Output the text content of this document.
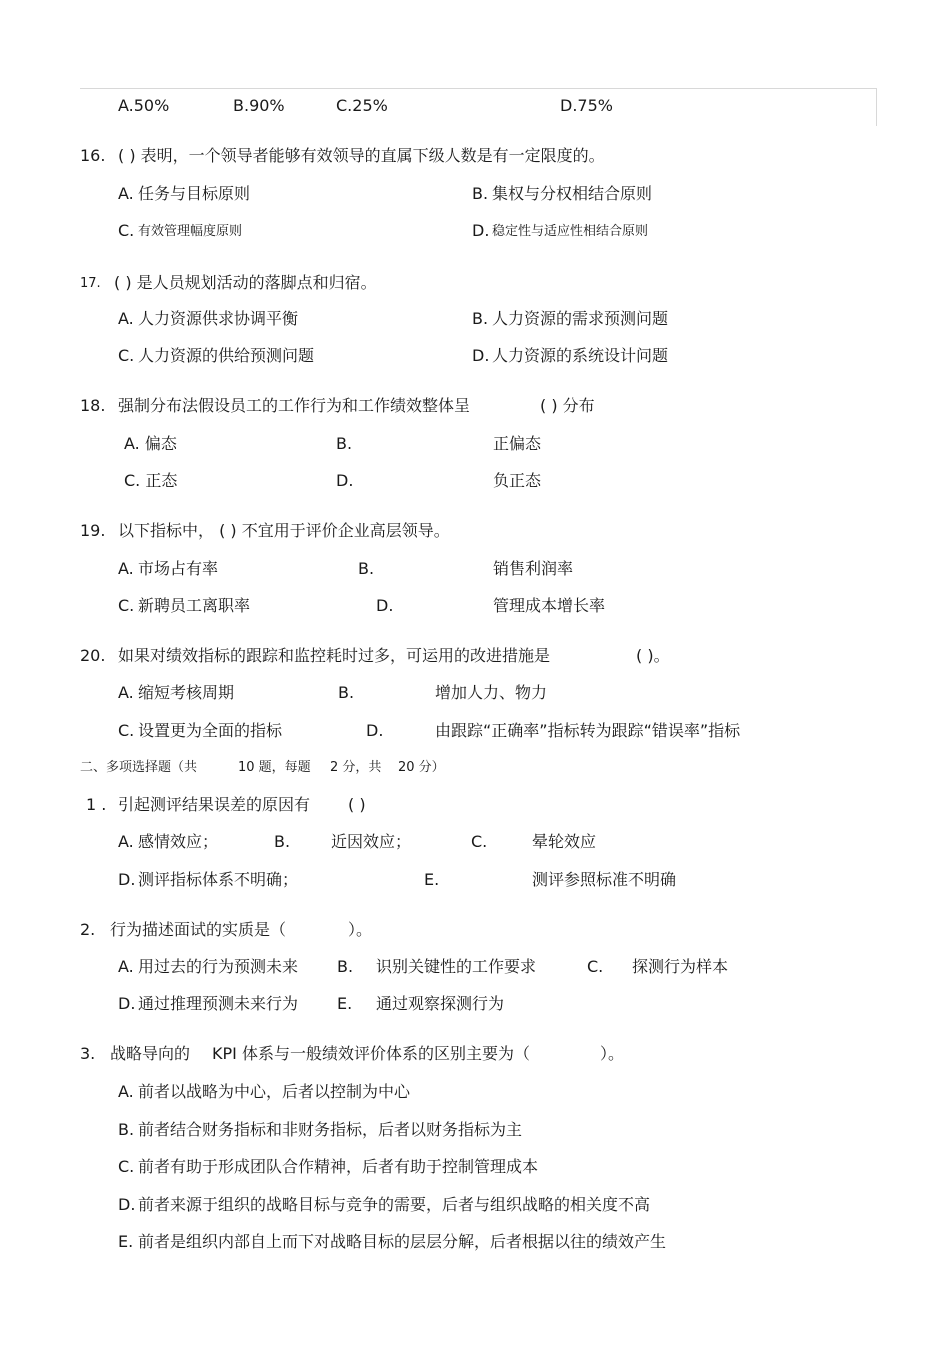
A.50%	B.90%	C.25%	D.75%
16. ( ) 表明，一个领导者能够有效领导的直属下级人数是有一定限度的。
A. 任务与目标原则	B. 集权与分权相结合原则
C. 有效管理幅度原则	D. 稳定性与适应性相结合原则
17. ( ) 是人员规划活动的落脚点和归宿。
A. 人力资源供求协调平衡	B. 人力资源的需求预测问题
C. 人力资源的供给预测问题	D. 人力资源的系统设计问题
18. 强制分布法假设员工的工作行为和工作绩效整体呈	( ) 分布
A. 偏态	B.	正偏态
C. 正态	D.	负正态
19. 以下指标中， ( ) 不宜用于评价企业高层领导。
A. 市场占有率	B.	销售利润率
C. 新聘员工离职率	D.	管理成本增长率
20. 如果对绩效指标的跟踪和监控耗时过多，可运用的改进措施是	( )。
A. 缩短考核周期	B.	增加人力、物力
C. 设置更为全面的指标	D.	由跟踪“正确率”指标转为跟踪“错误率”指标
二、多项选择题（共	10 题，每题 2 分，共 20 分）
1 . 引起测评结果误差的原因有 ( )
A. 感情效应；	B.	近因效应；	C.	晕轮效应
D. 测评指标体系不明确；	E.	测评参照标准不明确
2. 行为描述面试的实质是（	）。
A. 用过去的行为预测未来 B. 识别关键性的工作要求	C. 探测行为样本
D. 通过推理预测未来行为 E. 通过观察探测行为
3. 战略导向的 KPI 体系与一般绩效评价体系的区别主要为（	）。
A. 前者以战略为中心，后者以控制为中心
B. 前者结合财务指标和非财务指标，后者以财务指标为主
C. 前者有助于形成团队合作精神，后者有助于控制管理成本
D. 前者来源于组织的战略目标与竞争的需要，后者与组织战略的相关度不高
E. 前者是组织内部自上而下对战略目标的层层分解，后者根据以往的绩效产生
